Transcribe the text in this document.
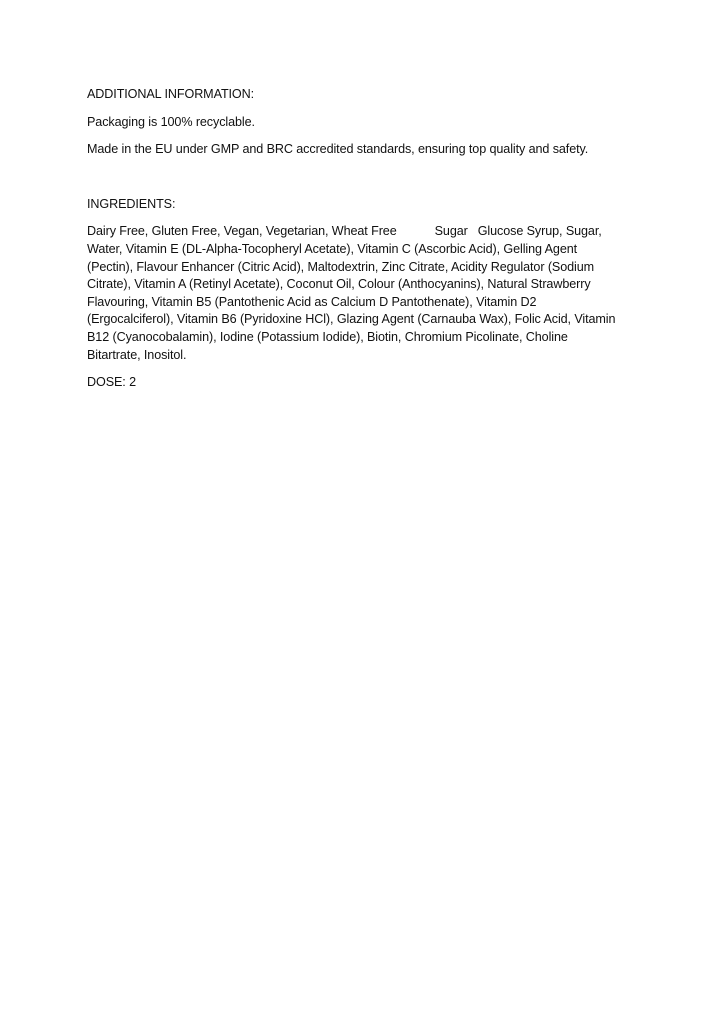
ADDITIONAL INFORMATION:

Packaging is 100% recyclable.

Made in the EU under GMP and BRC accredited standards, ensuring top quality and safety.

INGREDIENTS:

Dairy Free, Gluten Free, Vegan, Vegetarian, Wheat Free	Sugar Glucose Syrup, Sugar,
Water, Vitamin E (DL-Alpha-Tocopheryl Acetate), Vitamin C (Ascorbic Acid), Gelling Agent
(Pectin), Flavour Enhancer (Citric Acid), Maltodextrin, Zinc Citrate, Acidity Regulator (Sodium
Citrate), Vitamin A (Retinyl Acetate), Coconut Oil, Colour (Anthocyanins), Natural Strawberry
Flavouring, Vitamin B5 (Pantothenic Acid as Calcium D Pantothenate), Vitamin D2
(Ergocalciferol), Vitamin B6 (Pyridoxine HCl), Glazing Agent (Carnauba Wax), Folic Acid, Vitamin
B12 (Cyanocobalamin), Iodine (Potassium Iodide), Biotin, Chromium Picolinate, Choline
Bitartrate, Inositol.

DOSE: 2
